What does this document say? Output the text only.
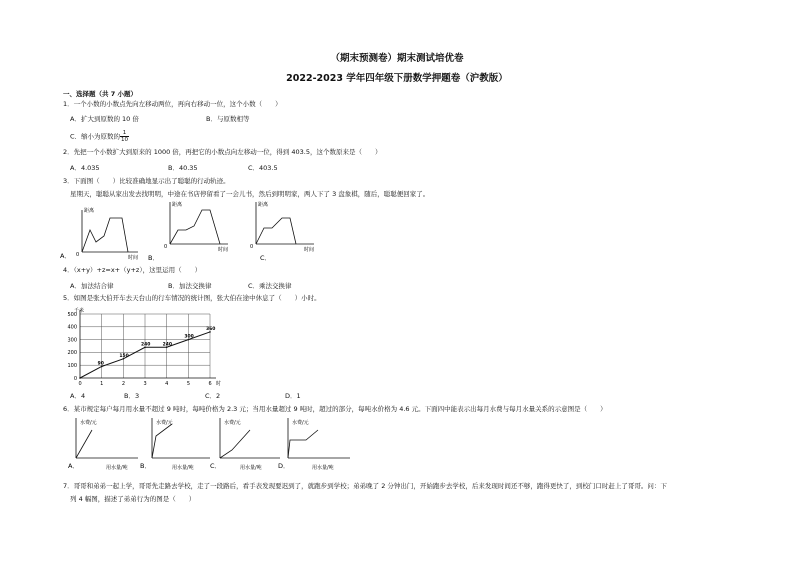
（期末预测卷）期末测试培优卷
2022-2023 学年四年级下册数学押题卷（沪教版）
一、选择题（共 7 小题）
1．一个小数的小数点先向左移动两位，再向右移动一位，这个小数（　　）
A．扩大到原数的 10 倍	B．与原数相等
C．缩小为原数的 $\frac{1}{10}$
2．先把一个小数扩大到原来的 1000 倍，再把它的小数点向左移动一位，得到 403.5，这个数原来是（　　）
A．4.035	B．40.35	C．403.5
3．下面图（　　）比较准确地显示出了聪聪的行动轨迹。
星期天，聪聪从家出发去找明明，中途在书店停留看了一会儿书，然后到明明家，两人下了 3 盘象棋，随后，聪聪便回家了。
距离
时间
0
A．
距离
时间
0
B．
距离
时间
0
C．
4．（x+y）+z=x+（y+z），这里运用（　　）
A．加法结合律	B．加法交换律	C．乘法交换律
5．如图是张大伯开车去天台山的行车情况的统计图，张大伯在途中休息了（　　）小时。
0	1	2	3	4	5	6
0
100
200
300
400
500
90
150
240	240
300
360
千米
时
A．4	B．3	C．2	D．1
6．某市规定每户每月用水量不超过 9 吨时，每吨价格为 2.3 元；当用水量超过 9 吨时，超过的部分，每吨水价格为 4.6 元。下面四中能表示出每月水费与每月水量关系的示意图是（　　）
水费/元
用水量/吨
A．
水费/元
用水量/吨
B．
水费/元
用水量/吨
C．
水费/元
用水量/吨
D．
7．哥哥和弟弟一起上学，哥哥先走路去学校，走了一段路后，看手表发现要迟到了，就跑步到学校；弟弟晚了 2 分钟出门，开始跑步去学校，后来发现时间还不够，跑得更快了，到校门口时赶上了哥哥。问：下
列 4 幅图，描述了弟弟行为的图是（　　）
